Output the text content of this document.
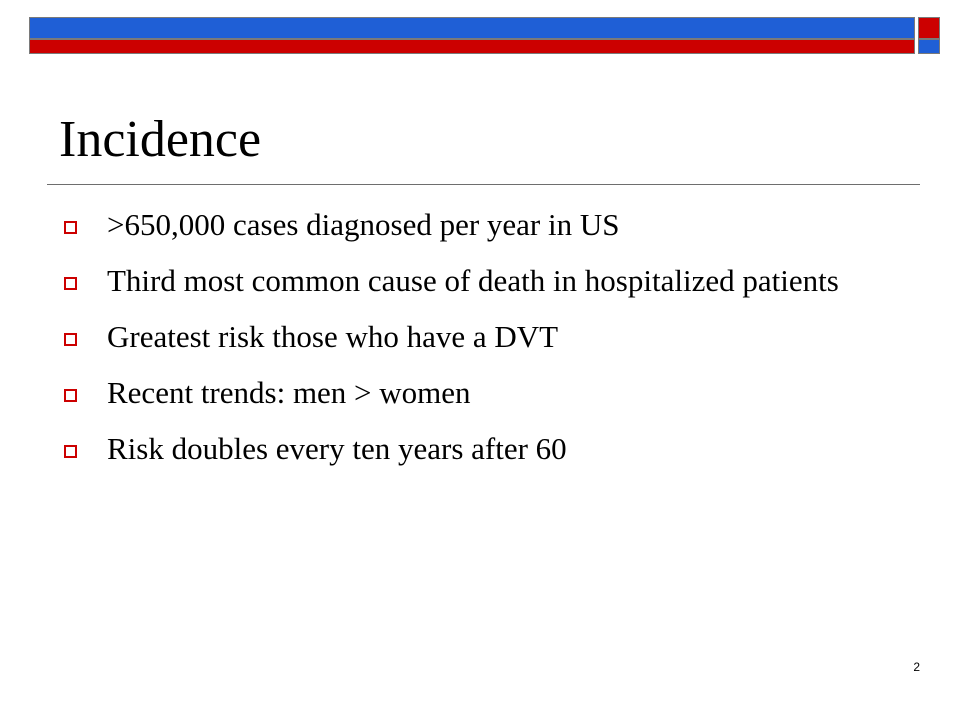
Incidence
>650,000 cases diagnosed per year in US
Third most common cause of death in hospitalized patients
Greatest risk those who have a DVT
Recent trends: men > women
Risk doubles every ten years after 60
2
